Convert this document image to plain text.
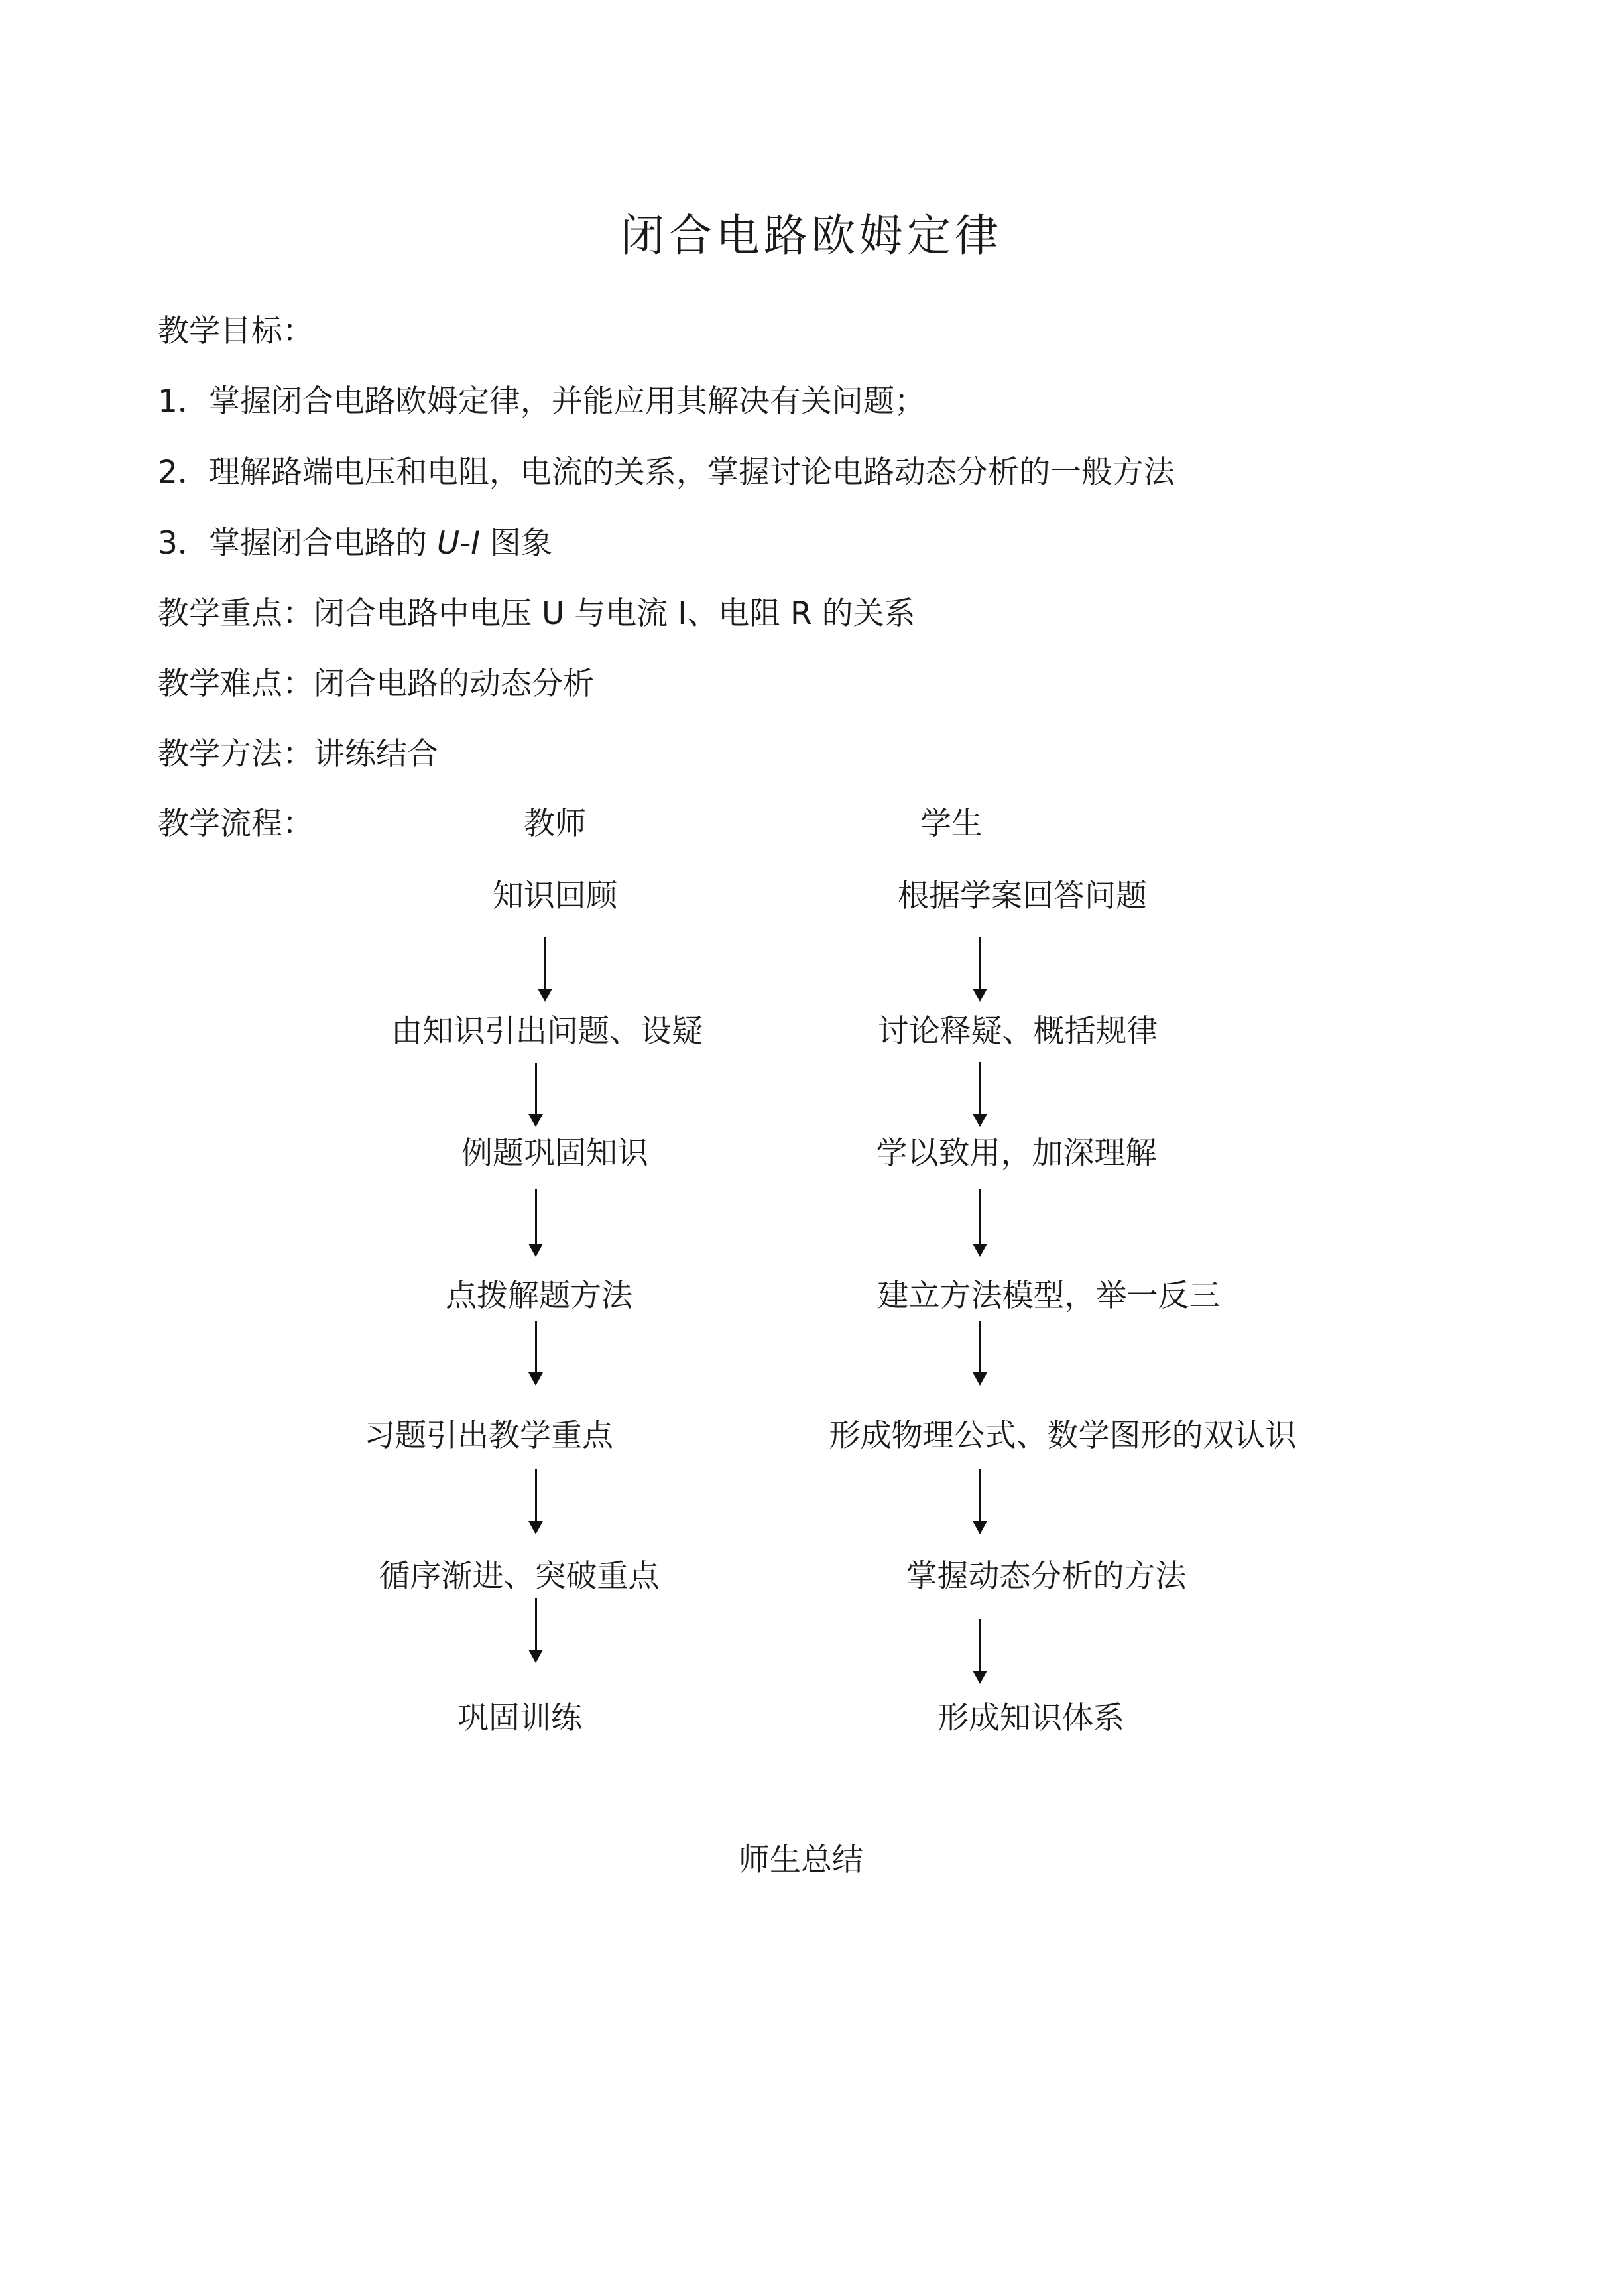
闭合电路欧姆定律
教学目标：
1．掌握闭合电路欧姆定律，并能应用其解决有关问题；
2．理解路端电压和电阻，电流的关系，掌握讨论电路动态分析的一般方法
3．掌握闭合电路的 U-I 图象
教学重点：闭合电路中电压 U 与电流 I、电阻 R 的关系
教学难点：闭合电路的动态分析
教学方法：讲练结合
教学流程：	教师	学生
知识回顾
由知识引出问题、设疑
例题巩固知识
点拨解题方法
习题引出教学重点
循序渐进、突破重点
巩固训练
根据学案回答问题
讨论释疑、概括规律
学以致用，加深理解
建立方法模型，举一反三
形成物理公式、数学图形的双认识
掌握动态分析的方法
形成知识体系
师生总结
